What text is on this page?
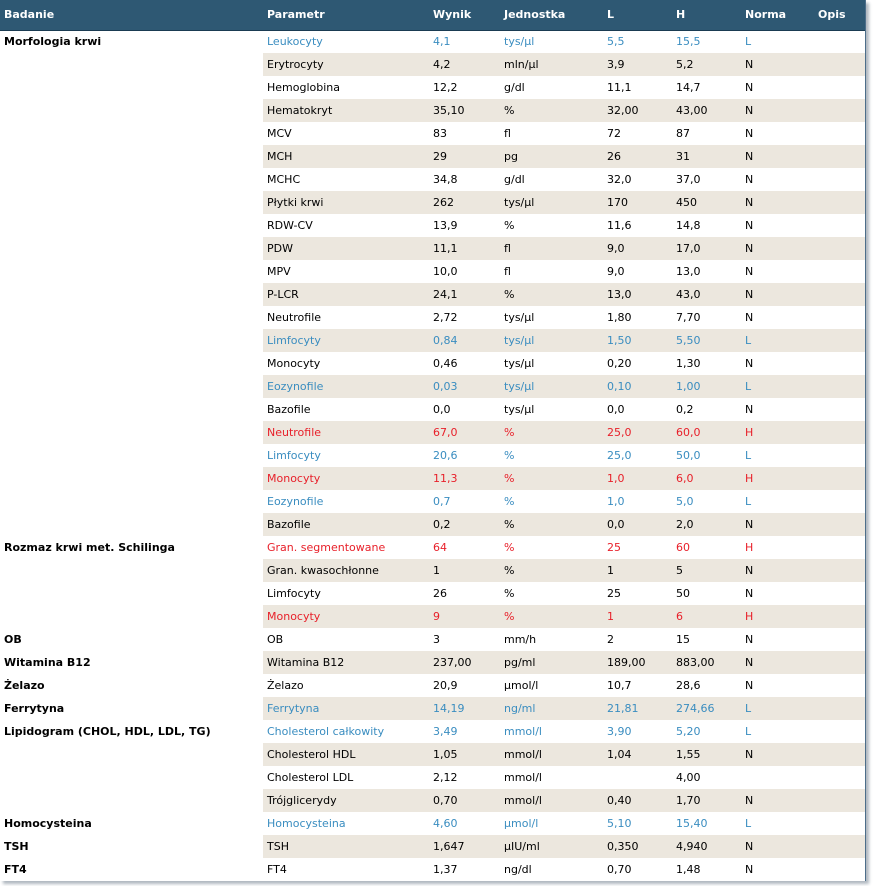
Badanie	Parametr	Wynik	Jednostka	L	H	Norma	Opis
Morfologia krwi	Leukocyty	4,1	tys/µl	5,5	15,5	L	
	Erytrocyty	4,2	mln/µl	3,9	5,2	N	
	Hemoglobina	12,2	g/dl	11,1	14,7	N	
	Hematokryt	35,10	%	32,00	43,00	N	
	MCV	83	fl	72	87	N	
	MCH	29	pg	26	31	N	
	MCHC	34,8	g/dl	32,0	37,0	N	
	Płytki krwi	262	tys/µl	170	450	N	
	RDW-CV	13,9	%	11,6	14,8	N	
	PDW	11,1	fl	9,0	17,0	N	
	MPV	10,0	fl	9,0	13,0	N	
	P-LCR	24,1	%	13,0	43,0	N	
	Neutrofile	2,72	tys/µl	1,80	7,70	N	
	Limfocyty	0,84	tys/µl	1,50	5,50	L	
	Monocyty	0,46	tys/µl	0,20	1,30	N	
	Eozynofile	0,03	tys/µl	0,10	1,00	L	
	Bazofile	0,0	tys/µl	0,0	0,2	N	
	Neutrofile	67,0	%	25,0	60,0	H	
	Limfocyty	20,6	%	25,0	50,0	L	
	Monocyty	11,3	%	1,0	6,0	H	
	Eozynofile	0,7	%	1,0	5,0	L	
	Bazofile	0,2	%	0,0	2,0	N	
Rozmaz krwi met. Schilinga	Gran. segmentowane	64	%	25	60	H	
	Gran. kwasochłonne	1	%	1	5	N	
	Limfocyty	26	%	25	50	N	
	Monocyty	9	%	1	6	H	
OB	OB	3	mm/h	2	15	N	
Witamina B12	Witamina B12	237,00	pg/ml	189,00	883,00	N	
Żelazo	Żelazo	20,9	µmol/l	10,7	28,6	N	
Ferrytyna	Ferrytyna	14,19	ng/ml	21,81	274,66	L	
Lipidogram (CHOL, HDL, LDL, TG)	Cholesterol całkowity	3,49	mmol/l	3,90	5,20	L	
	Cholesterol HDL	1,05	mmol/l	1,04	1,55	N	
	Cholesterol LDL	2,12	mmol/l		4,00		
	Trójglicerydy	0,70	mmol/l	0,40	1,70	N	
Homocysteina	Homocysteina	4,60	µmol/l	5,10	15,40	L	
TSH	TSH	1,647	µIU/ml	0,350	4,940	N	
FT4	FT4	1,37	ng/dl	0,70	1,48	N	
